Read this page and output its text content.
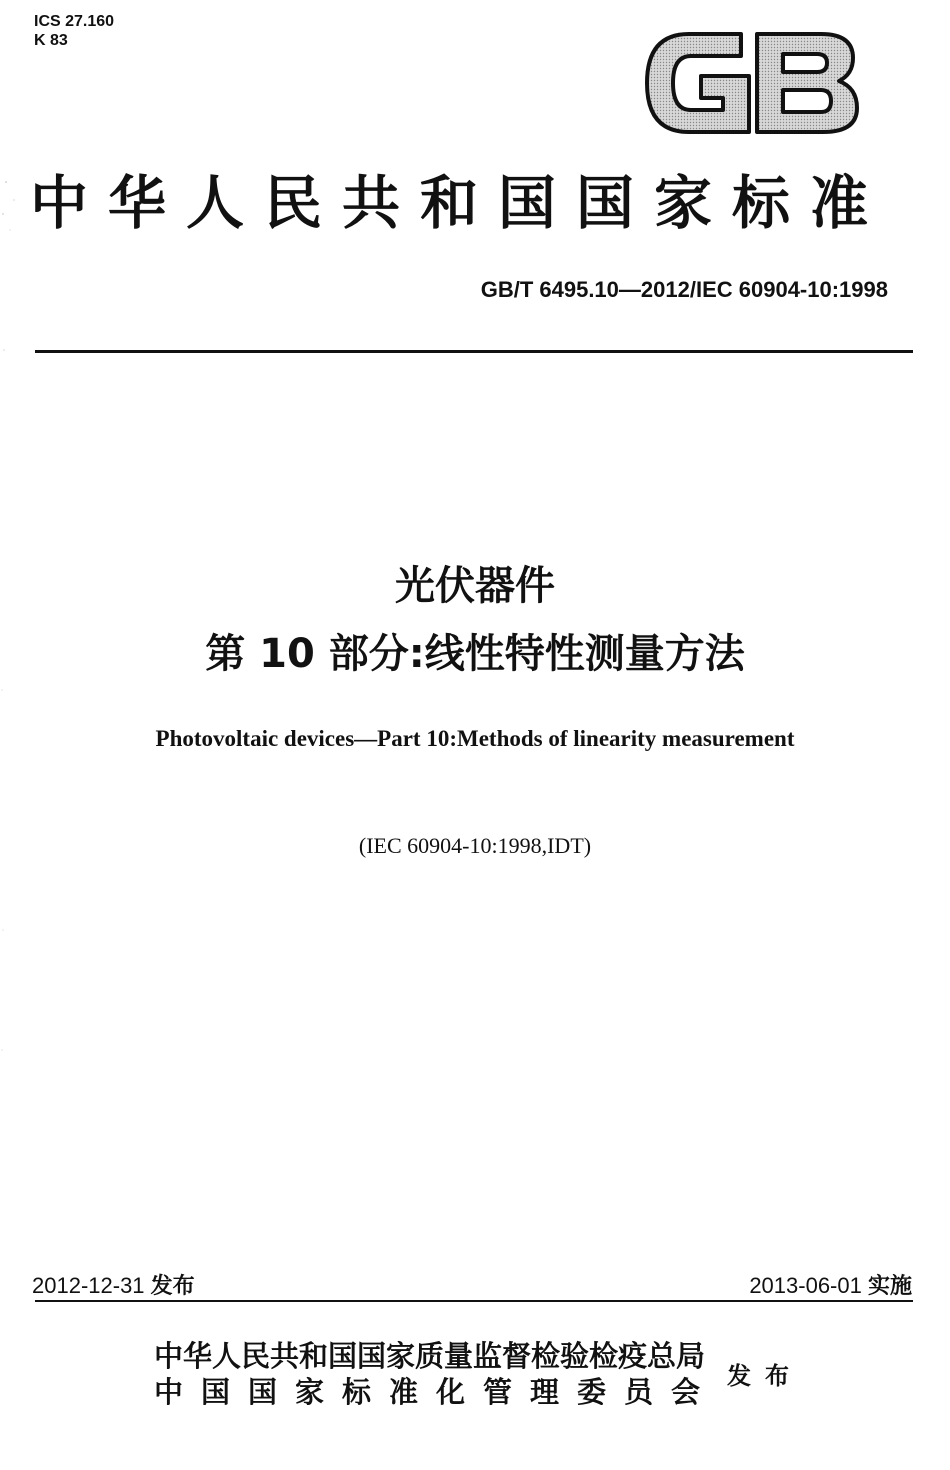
ICS 27.160
K 83
中华人民共和国国家标准
GB/T 6495.10—2012/IEC 60904-10:1998
光伏器件
第 10 部分:线性特性测量方法
Photovoltaic devices—Part 10:Methods of linearity measurement
(IEC 60904-10:1998,IDT)
2012-12-31 发布	2013-06-01 实施
中华人民共和国国家质量监督检验检疫总局
中国国家标准化管理委员会 发布
